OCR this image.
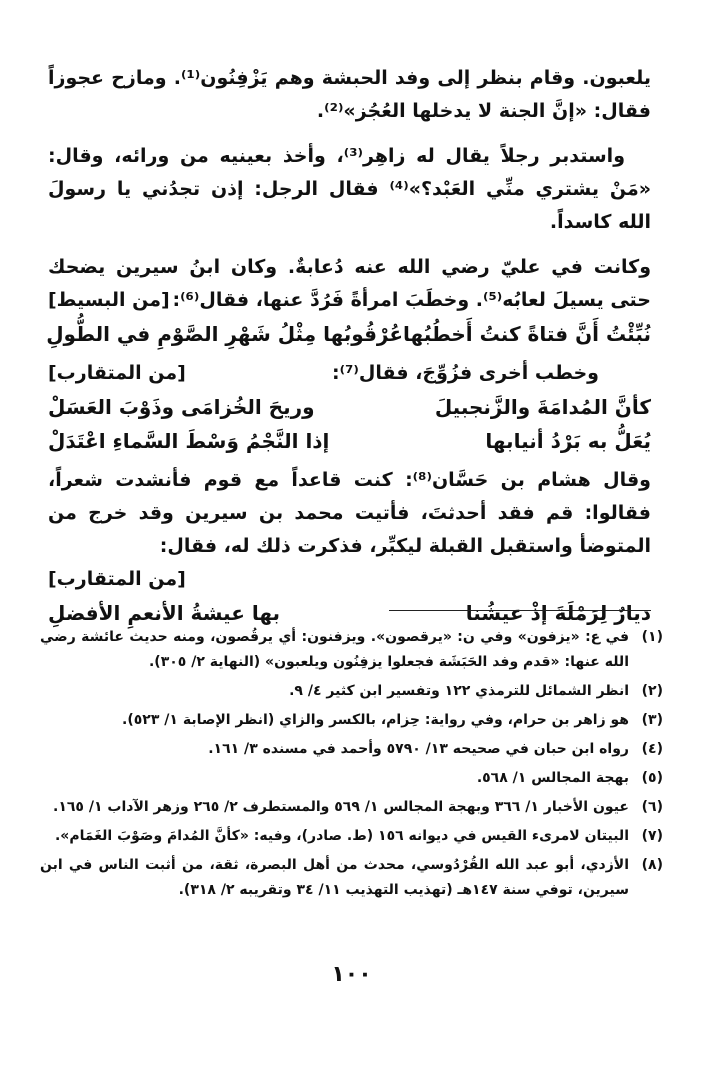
يلعبون. وقام بنظر إلى وفد الحبشة وهم يَزْفِنُون⁽¹⁾. ومازح عجوزاً فقال: «إنَّ الجنة لا يدخلها العُجُز»⁽²⁾.

واستدبر رجلاً يقال له زاهِر⁽³⁾، وأخذ بعينيه من ورائه، وقال: «مَنْ يشتري منِّي العَبْد؟»⁽⁴⁾ فقال الرجل: إذن تجدُني يا رسولَ الله كاسداً.

وكانت في عليّ رضي الله عنه دُعابةٌ. وكان ابنُ سيرين يضحك حتى يسيلَ لعابُه⁽⁵⁾. وخطَبَ امرأةً فَرُدَّ عنها، فقال⁽⁶⁾:

[من البسيط]
نُبِّئْتُ أَنَّ فتاةً كنتُ أَخطُبُها
عُرْقُوبُها مِثْلُ شَهْرِ الصَّوْمِ في الطُّولِ
وخطب أخرى فزُوِّجَ، فقال⁽⁷⁾:
[من المتقارب]
كأنَّ المُدامَةَ والزَّنجبيلَ
وريحَ الخُزامَى وذَوْبَ العَسَلْ
يُعَلُّ به بَرْدُ أنيابها
إذا النَّجْمُ وَسْطَ السَّماءِ اعْتَدَلْ

وقال هشام بن حَسَّان⁽⁸⁾: كنت قاعداً مع قوم فأنشدت شعراً، فقالوا: قم فقد أحدثتَ، فأتيت محمد بن سيرين وقد خرج من المتوضأ واستقبل القبلة ليكبِّر، فذكرت ذلك له، فقال:

[من المتقارب]
ديارٌ لِرَمْلَةَ إذْ عيشُنا
بها عيشةُ الأنعمِ الأفضلِ
(١)
في ع: «يزفون» وفي ن: «يرقصون». ويزفنون: أي يرقُصون، ومنه حديث عائشة رضي الله عنها: «قدم وفد الحَبَشَة فجعلوا يزفِنُون ويلعبون» (النهاية ٢/ ٣٠٥).
(٢)
انظر الشمائل للترمذي ١٢٢ وتفسير ابن كثير ٤/ ٩.
(٣)
هو زاهر بن حرام، وفي رواية: حِزام، بالكسر والزاي (انظر الإصابة ١/ ٥٢٣).
(٤)
رواه ابن حبان في صحيحه ١٣/ ٥٧٩٠ وأحمد في مسنده ٣/ ١٦١.
(٥)
بهجة المجالس ١/ ٥٦٨.
(٦)
عيون الأخبار ١/ ٣٦٦ وبهجة المجالس ١/ ٥٦٩ والمستطرف ٢/ ٢٦٥ وزهر الآداب ١/ ١٦٥.
(٧)
البيتان لامرىء القيس في ديوانه ١٥٦ (ط. صادر)، وفيه: «كأنَّ المُدامَ وصَوْبَ الغَمَام».
(٨)
الأزدي، أبو عبد الله القُرْدُوسي، محدث من أهل البصرة، ثقة، من أثبت الناس في ابن سيرين، توفي سنة ١٤٧هـ (تهذيب التهذيب ١١/ ٣٤ وتقريبه ٢/ ٣١٨).
١٠٠
